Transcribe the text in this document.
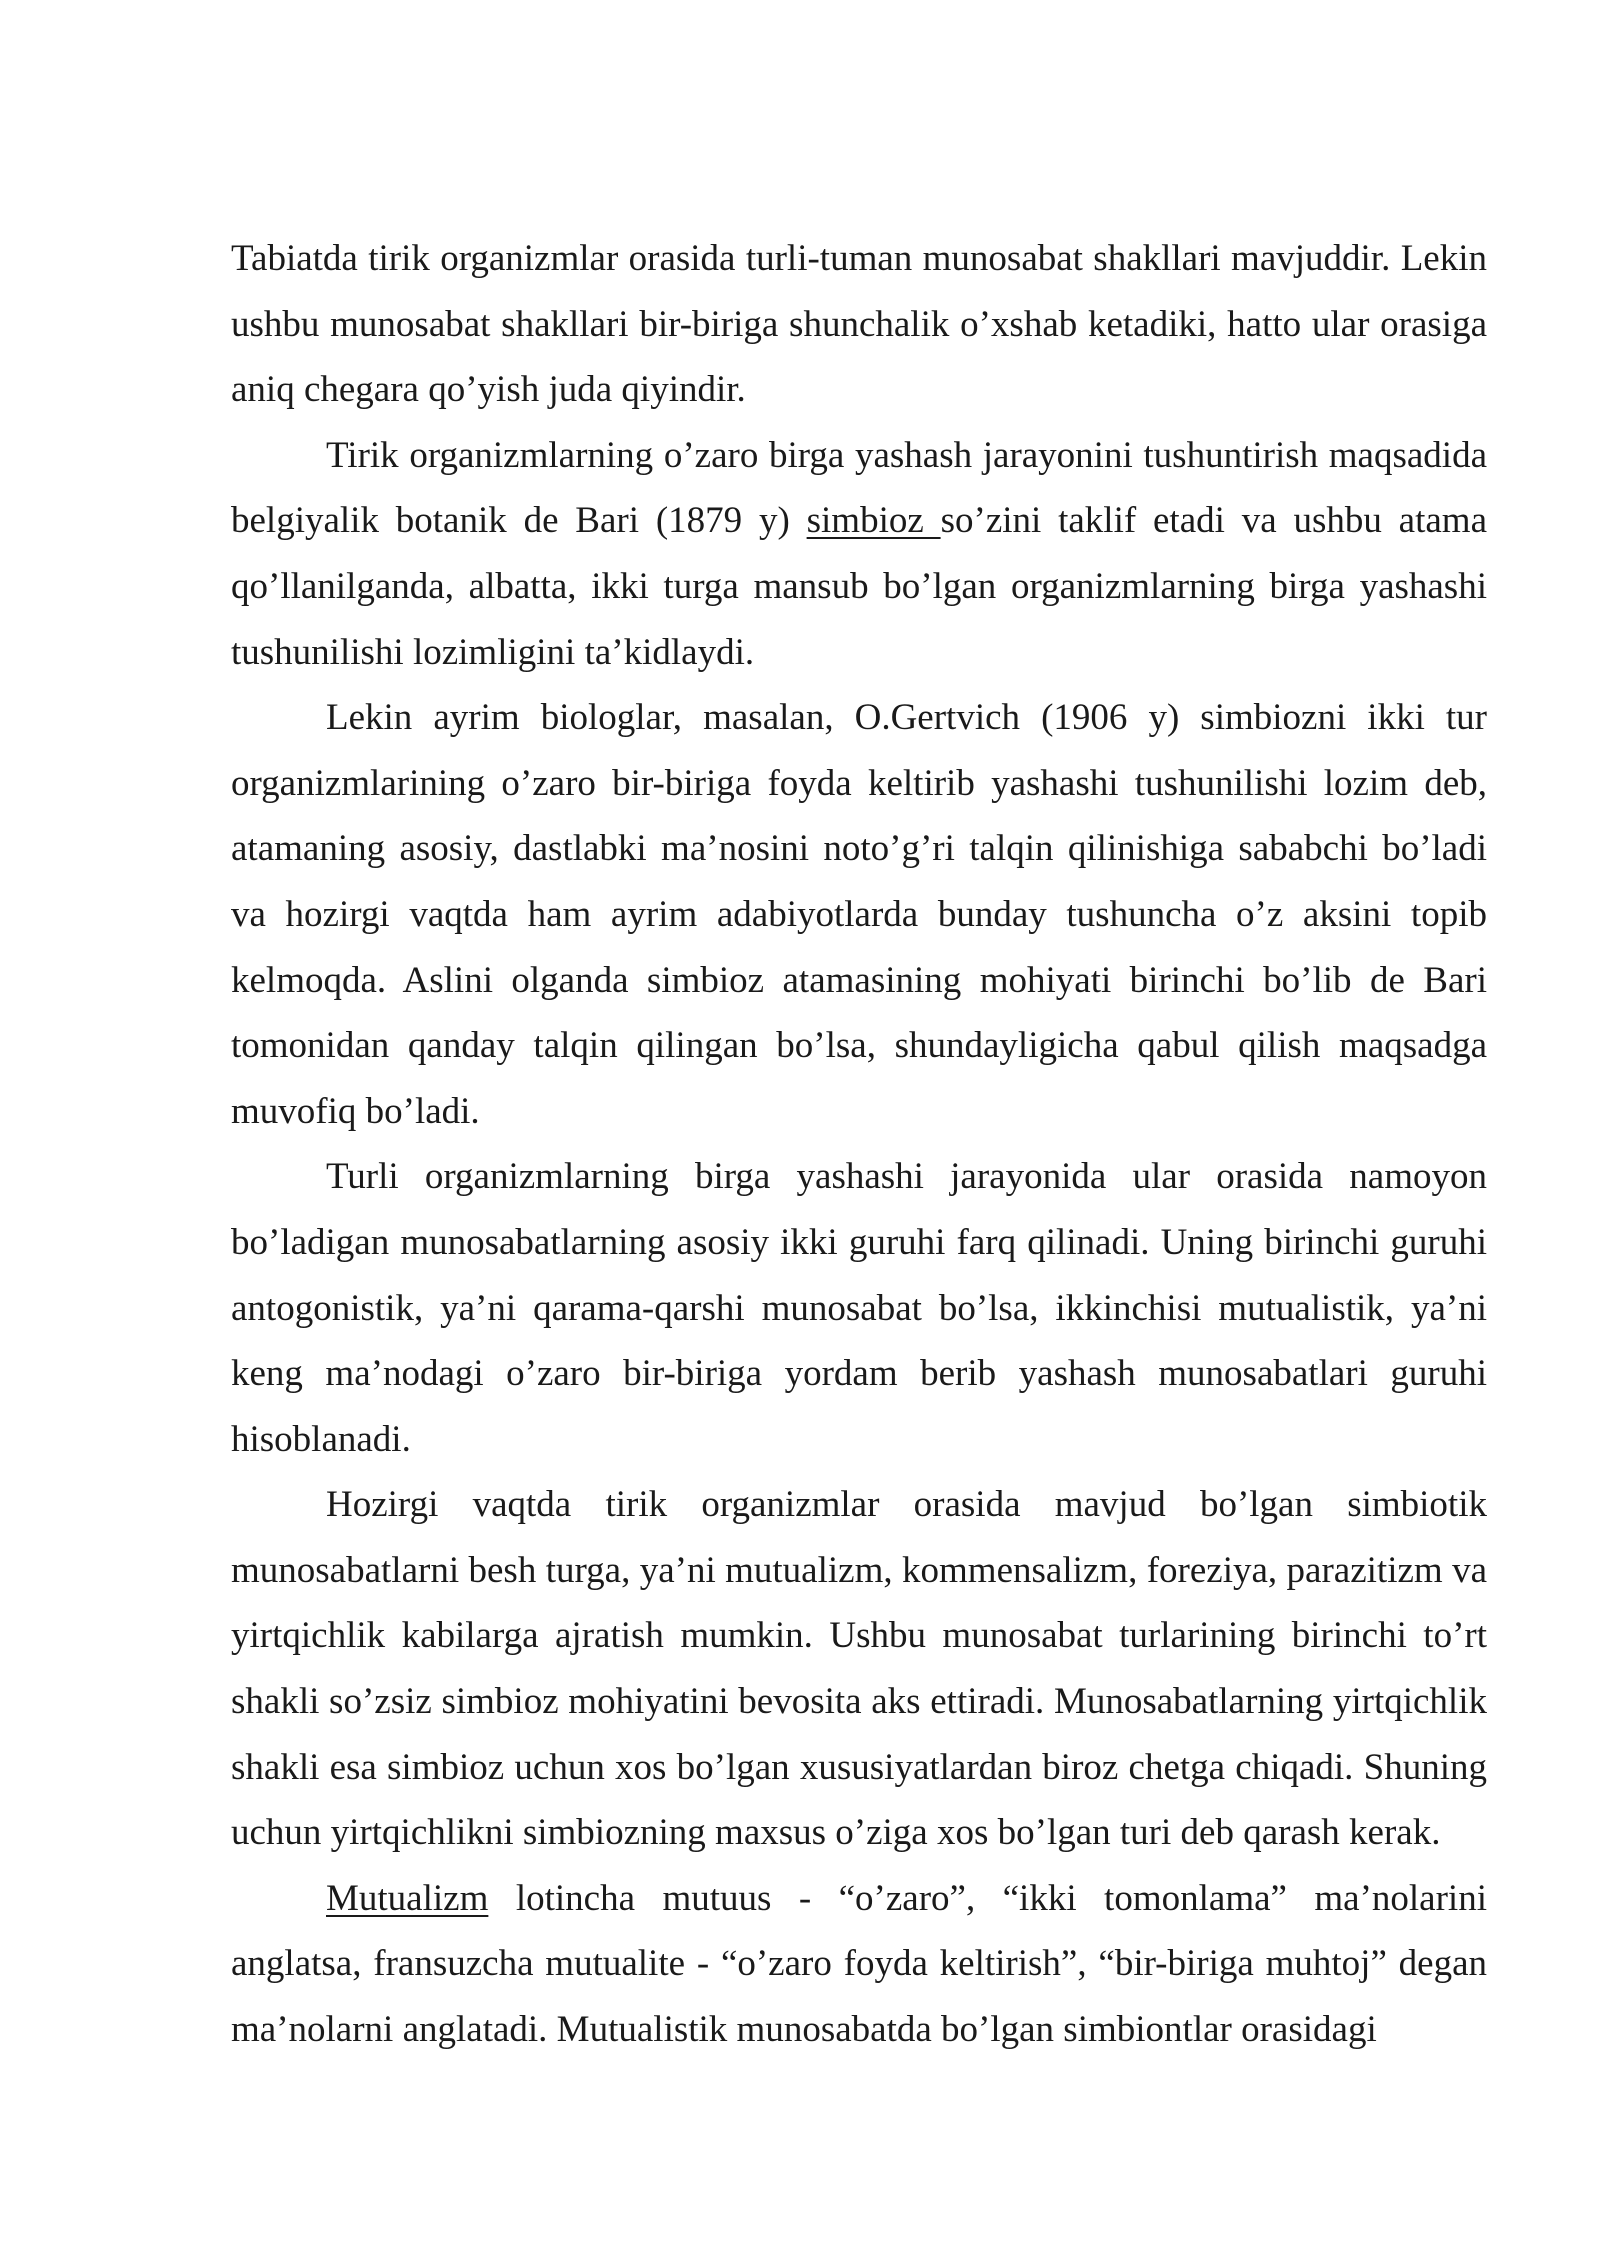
Tabiatda tirik organizmlar orasida turli-tuman munosabat shakllari mavjuddir. Lekin ushbu munosabat shakllari bir-biriga shunchalik o’xshab ketadiki, hatto ular orasiga aniq chegara qo’yish juda qiyindir.

Tirik organizmlarning o’zaro birga yashash jarayonini tushuntirish maqsadida belgiyalik botanik de Bari (1879 y) simbioz so’zini taklif etadi va ushbu atama qo’llanilganda, albatta, ikki turga mansub bo’lgan organizmlarning birga yashashi tushunilishi lozimligini ta’kidlaydi.

Lekin ayrim biologlar, masalan, O.Gertvich (1906 y) simbiozni ikki tur organizmlarining o’zaro bir-biriga foyda keltirib yashashi tushunilishi lozim deb, atamaning asosiy, dastlabki ma’nosini noto’g’ri talqin qilinishiga sababchi bo’ladi va hozirgi vaqtda ham ayrim adabiyotlarda bunday tushuncha o’z aksini topib kelmoqda. Aslini olganda simbioz atamasining mohiyati birinchi bo’lib de Bari tomonidan qanday talqin qilingan bo’lsa, shundayligicha qabul qilish maqsadga muvofiq bo’ladi.

Turli organizmlarning birga yashashi jarayonida ular orasida namoyon bo’ladigan munosabatlarning asosiy ikki guruhi farq qilinadi. Uning birinchi guruhi antogonistik, ya’ni qarama-qarshi munosabat bo’lsa, ikkinchisi mutualistik, ya’ni keng ma’nodagi o’zaro bir-biriga yordam berib yashash munosabatlari guruhi hisoblanadi.

Hozirgi vaqtda tirik organizmlar orasida mavjud bo’lgan simbiotik munosabatlarni besh turga, ya’ni mutualizm, kommensalizm, foreziya, parazitizm va yirtqichlik kabilarga ajratish mumkin. Ushbu munosabat turlarining birinchi to’rt shakli so’zsiz simbioz mohiyatini bevosita aks ettiradi. Munosabatlarning yirtqichlik shakli esa simbioz uchun xos bo’lgan xususiyatlardan biroz chetga chiqadi. Shuning uchun yirtqichlikni simbiozning maxsus o’ziga xos bo’lgan turi deb qarash kerak.

Mutualizm lotincha mutuus - “o’zaro”, “ikki tomonlama” ma’nolarini anglatsa, fransuzcha mutualite - “o’zaro foyda keltirish”, “bir-biriga muhtoj” degan ma’nolarni anglatadi. Mutualistik munosabatda bo’lgan simbiontlar orasidagi
